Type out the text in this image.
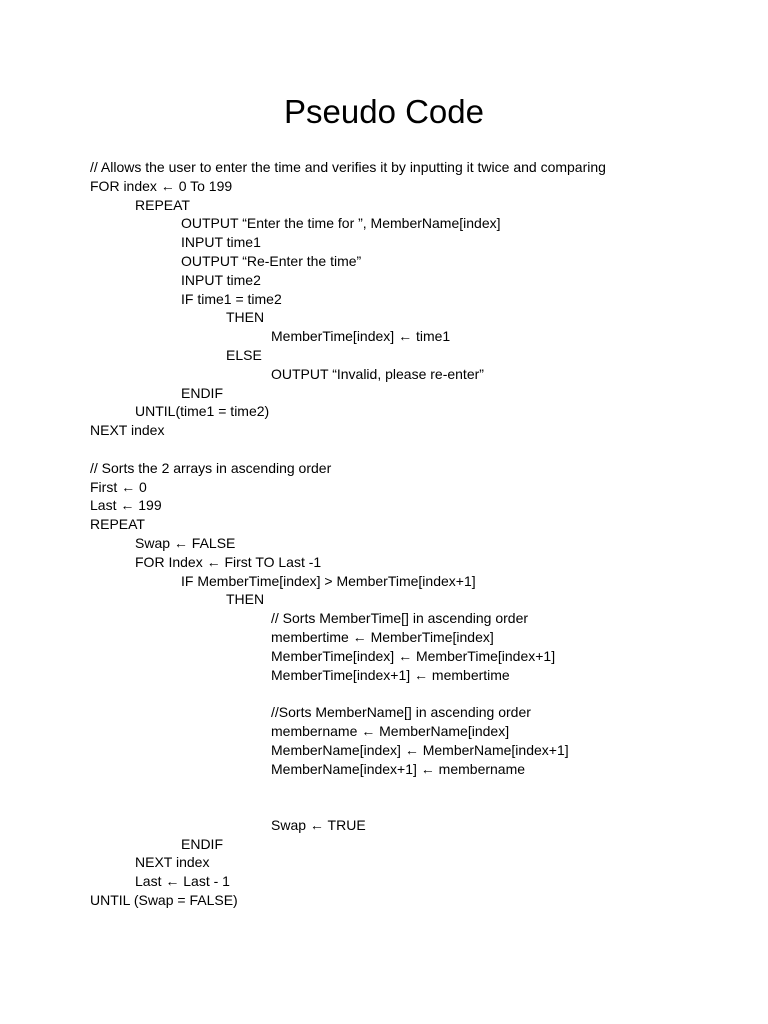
Pseudo Code
// Allows the user to enter the time and verifies it by inputting it twice and comparing
FOR index ← 0 To 199
REPEAT
OUTPUT “Enter the time for ”, MemberName[index]
INPUT time1
OUTPUT “Re-Enter the time”
INPUT time2
IF time1 = time2
THEN
MemberTime[index] ← time1
ELSE
OUTPUT “Invalid, please re-enter”
ENDIF
UNTIL(time1 = time2)
NEXT index
// Sorts the 2 arrays in ascending order
First ← 0
Last ← 199
REPEAT
Swap ← FALSE
FOR Index ← First TO Last -1
IF MemberTime[index] > MemberTime[index+1]
THEN
// Sorts MemberTime[] in ascending order
membertime ← MemberTime[index]
MemberTime[index] ← MemberTime[index+1]
MemberTime[index+1] ← membertime
//Sorts MemberName[] in ascending order
membername ← MemberName[index]
MemberName[index] ← MemberName[index+1]
MemberName[index+1] ← membername
Swap ← TRUE
ENDIF
NEXT index
Last ← Last - 1
UNTIL (Swap = FALSE)
